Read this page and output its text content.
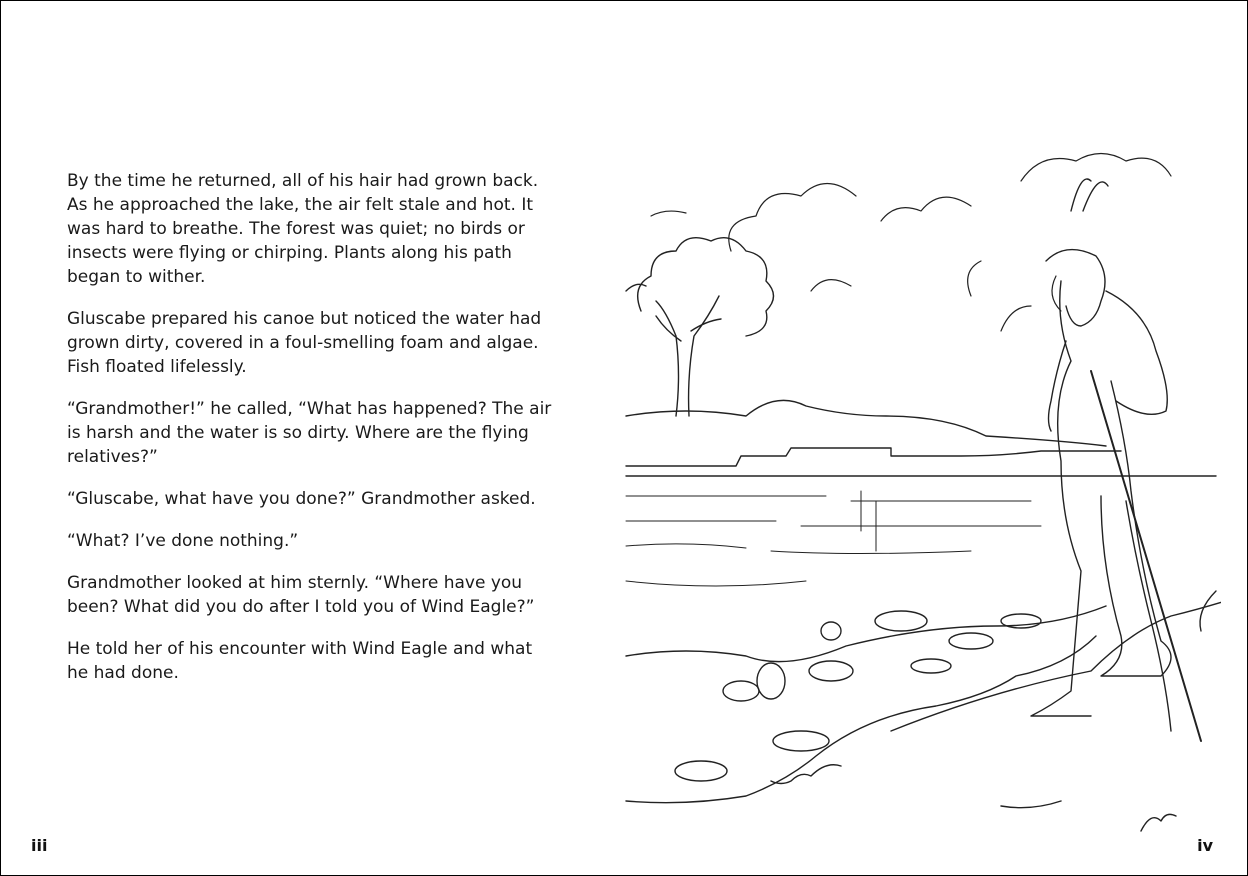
By the time he returned, all of his hair had grown back. As he approached the lake, the air felt stale and hot. It was hard to breathe. The forest was quiet; no birds or insects were flying or chirping. Plants along his path began to wither.

Gluscabe prepared his canoe but noticed the water had grown dirty, covered in a foul-smelling foam and algae. Fish floated lifelessly.

“Grandmother!” he called, “What has happened? The air is harsh and the water is so dirty. Where are the flying relatives?”

“Gluscabe, what have you done?” Grandmother asked.

“What? I’ve done nothing.”

Grandmother looked at him sternly. “Where have you been? What did you do after I told you of Wind Eagle?”

He told her of his encounter with Wind Eagle and what he had done.

iii	iv
